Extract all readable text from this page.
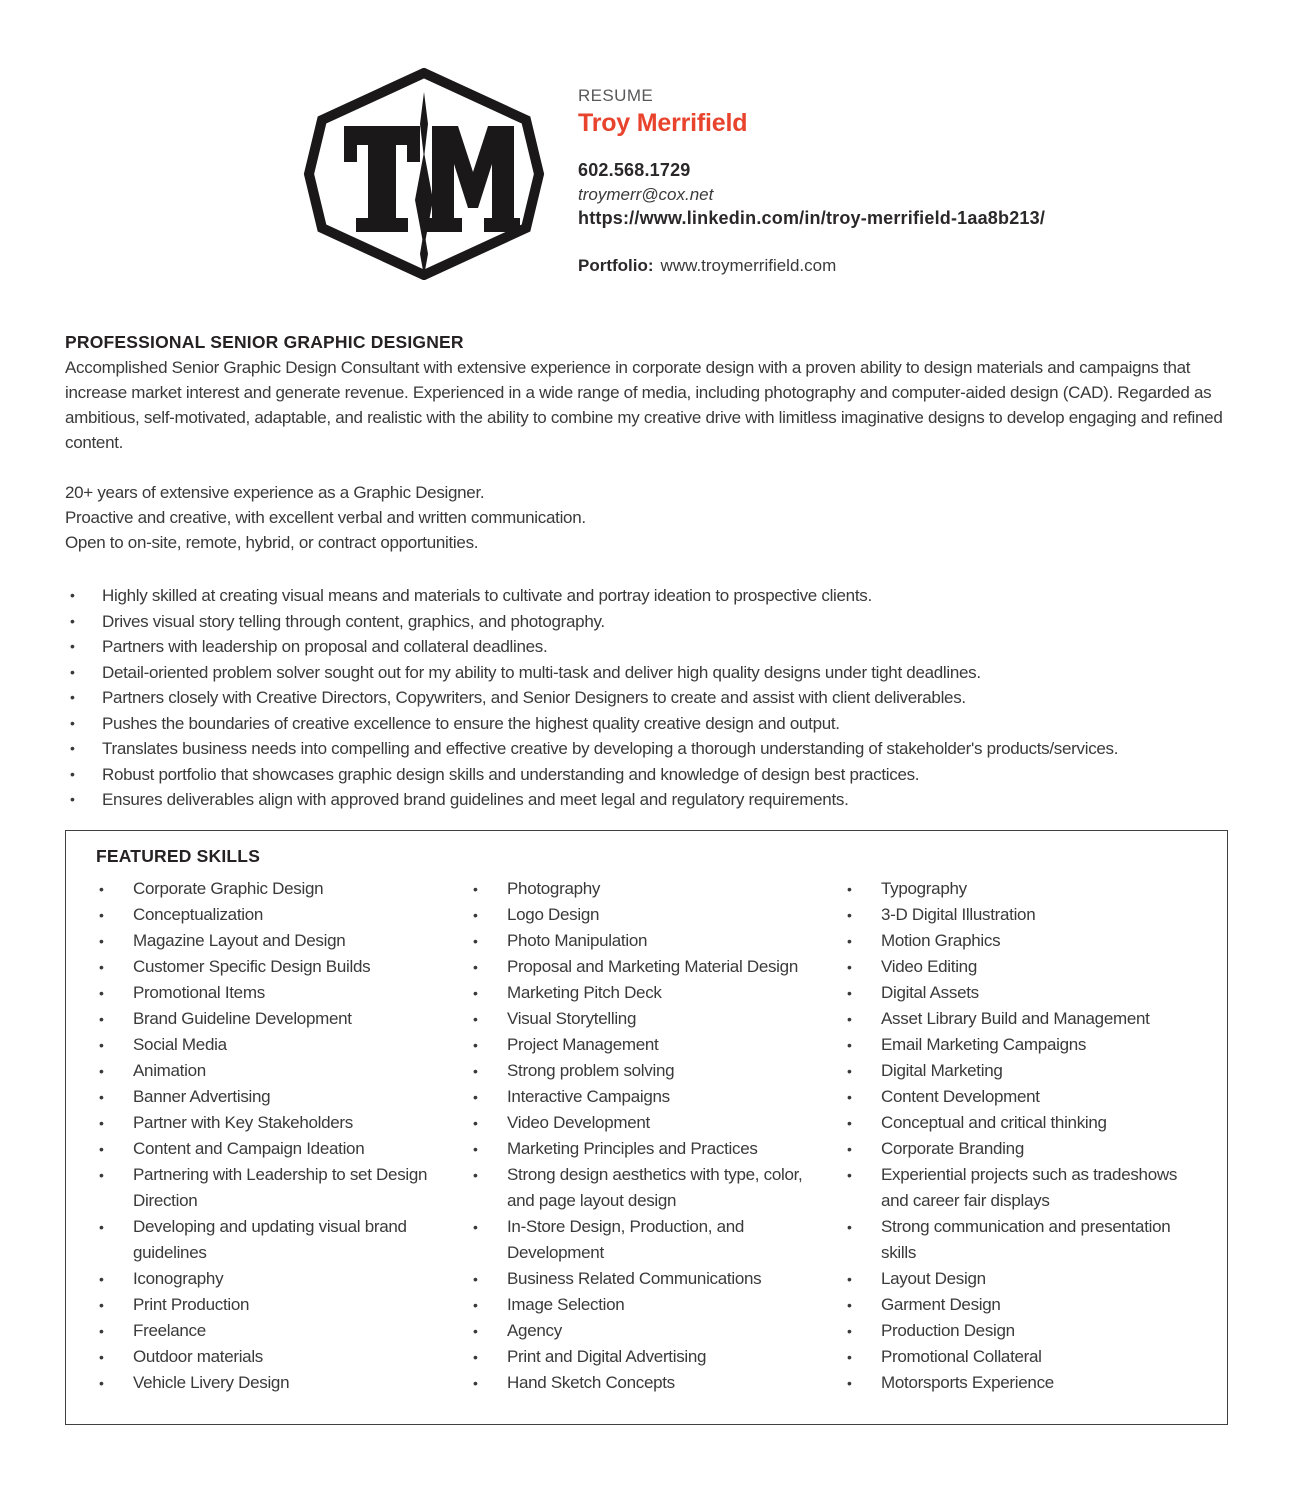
RESUME
Troy Merrifield
602.568.1729
troymerr@cox.net
https://www.linkedin.com/in/troy-merrifield-1aa8b213/
Portfolio: www.troymerrifield.com
PROFESSIONAL SENIOR GRAPHIC DESIGNER

Accomplished Senior Graphic Design Consultant with extensive experience in corporate design with a proven ability to design materials and campaigns that increase market interest and generate revenue. Experienced in a wide range of media, including photography and computer-aided design (CAD). Regarded as ambitious, self-motivated, adaptable, and realistic with the ability to combine my creative drive with limitless imaginative designs to develop engaging and refined content.

20+ years of extensive experience as a Graphic Designer.
Proactive and creative, with excellent verbal and written communication.
Open to on-site, remote, hybrid, or contract opportunities.
• Highly skilled at creating visual means and materials to cultivate and portray ideation to prospective clients.
• Drives visual story telling through content, graphics, and photography.
• Partners with leadership on proposal and collateral deadlines.
• Detail-oriented problem solver sought out for my ability to multi-task and deliver high quality designs under tight deadlines.
• Partners closely with Creative Directors, Copywriters, and Senior Designers to create and assist with client deliverables.
• Pushes the boundaries of creative excellence to ensure the highest quality creative design and output.
• Translates business needs into compelling and effective creative by developing a thorough understanding of stakeholder's products/services.
• Robust portfolio that showcases graphic design skills and understanding and knowledge of design best practices.
• Ensures deliverables align with approved brand guidelines and meet legal and regulatory requirements.
FEATURED SKILLS
• Corporate Graphic Design
• Conceptualization
• Magazine Layout and Design
• Customer Specific Design Builds
• Promotional Items
• Brand Guideline Development
• Social Media
• Animation
• Banner Advertising
• Partner with Key Stakeholders
• Content and Campaign Ideation
• Partnering with Leadership to set Design Direction
• Developing and updating visual brand guidelines
• Iconography
• Print Production
• Freelance
• Outdoor materials
• Vehicle Livery Design
• Photography
• Logo Design
• Photo Manipulation
• Proposal and Marketing Material Design
• Marketing Pitch Deck
• Visual Storytelling
• Project Management
• Strong problem solving
• Interactive Campaigns
• Video Development
• Marketing Principles and Practices
• Strong design aesthetics with type, color, and page layout design
• In-Store Design, Production, and Development
• Business Related Communications
• Image Selection
• Agency
• Print and Digital Advertising
• Hand Sketch Concepts
• Typography
• 3-D Digital Illustration
• Motion Graphics
• Video Editing
• Digital Assets
• Asset Library Build and Management
• Email Marketing Campaigns
• Digital Marketing
• Content Development
• Conceptual and critical thinking
• Corporate Branding
• Experiential projects such as tradeshows and career fair displays
• Strong communication and presentation skills
• Layout Design
• Garment Design
• Production Design
• Promotional Collateral
• Motorsports Experience
